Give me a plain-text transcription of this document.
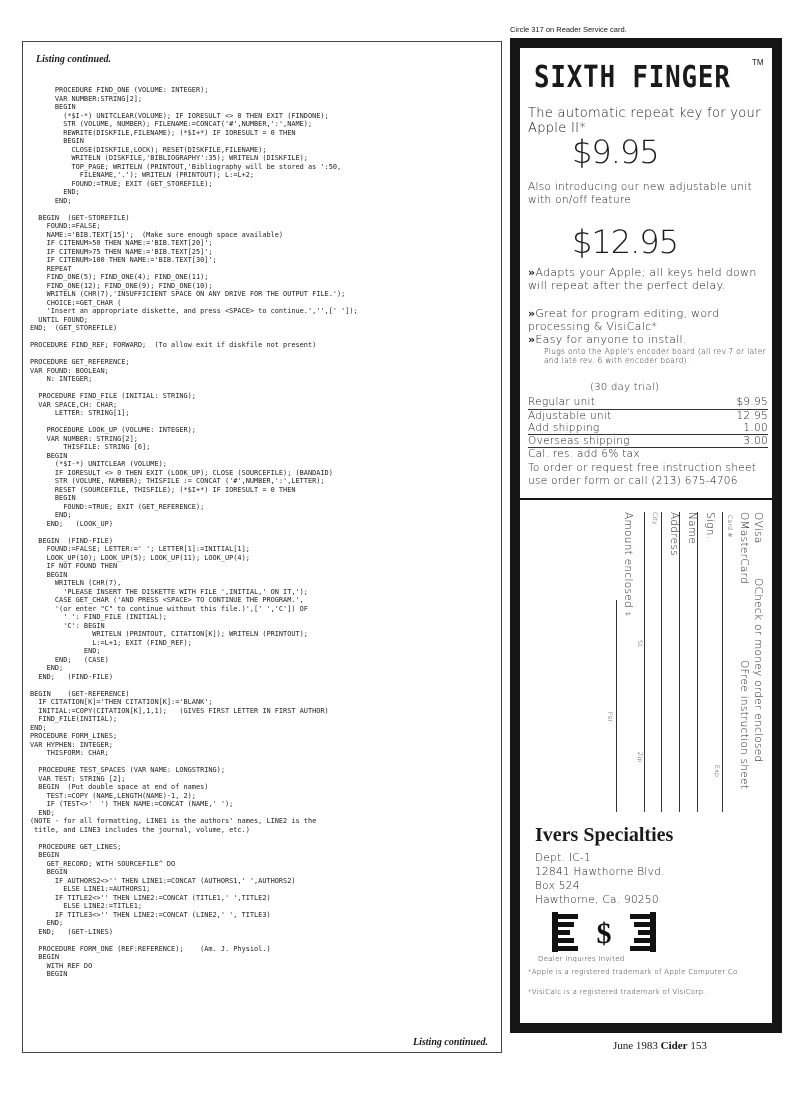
Listing continued.
PROCEDURE FIND_ONE (VOLUME: INTEGER);
VAR NUMBER:STRING[2];
BEGIN
(*$I-*) UNITCLEAR(VOLUME); IF IORESULT <> 0 THEN EXIT (FINDONE);
STR (VOLUME, NUMBER); FILENAME:=CONCAT('#',NUMBER,':',NAME);
REWRITE(DISKFILE,FILENAME); (*$I+*) IF IORESULT = 0 THEN
BEGIN
CLOSE(DISKFILE,LOCK); RESET(DISKFILE,FILENAME);
WRITELN (DISKFILE,'BIBLIOGRAPHY':35); WRITELN (DISKFILE);
TOP_PAGE; WRITELN (PRINTOUT,'Bibliography will be stored as ':50,
FILENAME,'.'); WRITELN (PRINTOUT); L:=L+2;
FOUND:=TRUE; EXIT (GET_STOREFILE);
END;
END;

BEGIN  (GET-STOREFILE)
FOUND:=FALSE;
NAME:='BIB.TEXT[15]';  (Make sure enough space available)
IF CITENUM>50 THEN NAME:='BIB.TEXT[20]';
IF CITENUM>75 THEN NAME:='BIB.TEXT[25]';
IF CITENUM>100 THEN NAME:='BIB.TEXT[30]';
REPEAT
FIND_ONE(5); FIND_ONE(4); FIND_ONE(11);
FIND_ONE(12); FIND_ONE(9); FIND_ONE(10);
WRITELN (CHR(7),'INSUFFICIENT SPACE ON ANY DRIVE FOR THE OUTPUT FILE.');
CHOICE:=GET_CHAR (
'Insert an appropriate diskette, and press <SPACE> to continue.','',[' ']);
UNTIL FOUND;
END;  (GET_STOREFILE)

PROCEDURE FIND_REF; FORWARD;  (To allow exit if diskfile not present)

PROCEDURE GET_REFERENCE;
VAR FOUND: BOOLEAN;
N: INTEGER;

PROCEDURE FIND_FILE (INITIAL: STRING);
VAR SPACE,CH: CHAR;
LETTER: STRING[1];

PROCEDURE LOOK_UP (VOLUME: INTEGER);
VAR NUMBER: STRING[2];
THISFILE: STRING [6];
BEGIN
(*$I-*) UNITCLEAR (VOLUME);
IF IORESULT <> 0 THEN EXIT (LOOK_UP); CLOSE (SOURCEFILE); (BANDAID)
STR (VOLUME, NUMBER); THISFILE := CONCAT ('#',NUMBER,':',LETTER);
RESET (SOURCEFILE, THISFILE); (*$I+*) IF IORESULT = 0 THEN
BEGIN
FOUND:=TRUE; EXIT (GET_REFERENCE);
END;
END;   (LOOK_UP)

BEGIN  (FIND-FILE)
FOUND:=FALSE; LETTER:=' '; LETTER[1]:=INITIAL[1];
LOOK_UP(10); LOOK_UP(5); LOOK_UP(11); LOOK_UP(4);
IF NOT FOUND THEN
BEGIN
WRITELN (CHR(7),
'PLEASE INSERT THE DISKETTE WITH FILE ',INITIAL,' ON IT,');
CASE GET_CHAR ('AND PRESS <SPACE> TO CONTINUE THE PROGRAM.',
'(or enter "C" to continue without this file.)',[' ','C']) OF
' ': FIND_FILE (INITIAL);
'C': BEGIN
WRITELN (PRINTOUT, CITATION[K]); WRITELN (PRINTOUT);
L:=L+1; EXIT (FIND_REF);
END;
END;   (CASE)
END;
END;   (FIND-FILE)

BEGIN    (GET-REFERENCE)
IF CITATION[K]='THEN CITATION[K]:='BLANK';
INITIAL:=COPY(CITATION[K],1,1);   (GIVES FIRST LETTER IN FIRST AUTHOR)
FIND_FILE(INITIAL);
END;
PROCEDURE FORM_LINES;
VAR HYPHEN: INTEGER;
THISFORM: CHAR;

PROCEDURE TEST_SPACES (VAR NAME: LONGSTRING);
VAR TEST: STRING [2];
BEGIN  (Put double space at end of names)
TEST:=COPY (NAME,LENGTH(NAME)-1, 2);
IF (TEST<>'  ') THEN NAME:=CONCAT (NAME,' ');
END;
(NOTE - for all formatting, LINE1 is the authors' names, LINE2 is the
title, and LINE3 includes the journal, volume, etc.)

PROCEDURE GET_LINES;
BEGIN
GET_RECORD; WITH SOURCEFILE^ DO
BEGIN
IF AUTHORS2<>'' THEN LINE1:=CONCAT (AUTHORS1,' ',AUTHORS2)
ELSE LINE1:=AUTHORS1;
IF TITLE2<>'' THEN LINE2:=CONCAT (TITLE1,' ',TITLE2)
ELSE LINE2:=TITLE1;
IF TITLE3<>'' THEN LINE2:=CONCAT (LINE2,' ', TITLE3)
END;
END;   (GET-LINES)

PROCEDURE FORM_ONE (REF:REFERENCE);    (Am. J. Physiol.)
BEGIN
WITH REF DO
BEGIN
Listing continued.
Circle 317 on Reader Service card.
SIXTH FINGER	TM
The automatic repeat key for your Apple II*
$9.95
Also introducing our new adjustable unit with on/off feature
$12.95
»Adapts your Apple; all keys held down will repeat after the perfect delay.
»Great for program editing, word processing & VisiCalc*
»Easy for anyone to install.
Plugs onto the Apple's encoder board (all rev.7 or later and late rev. 6 with encoder board).
(30 day trial)
Regular unit	$9.95
Adjustable unit	12.95
Add shipping	1.00
Overseas shipping	3.00
Cal. res. add 6% tax
To order or request free instruction sheet use order form or call (213) 675-4706
OVisa
OCheck or money order enclosed
OMasterCard
OFree instruction sheet
Card #
Exp.
Sign.
Name
Address
City
St.
Zip
Amount enclosed
$
For
Ivers Specialties
Dept. IC-1
12841 Hawthorne Blvd.
Box 524
Hawthorne, Ca. 90250
$
Dealer Inquires Invited
*Apple is a registered trademark of Apple Computer Co.
*VisiCalc is a registered trademark of VisiCorp.
June 1983 Cider 153
